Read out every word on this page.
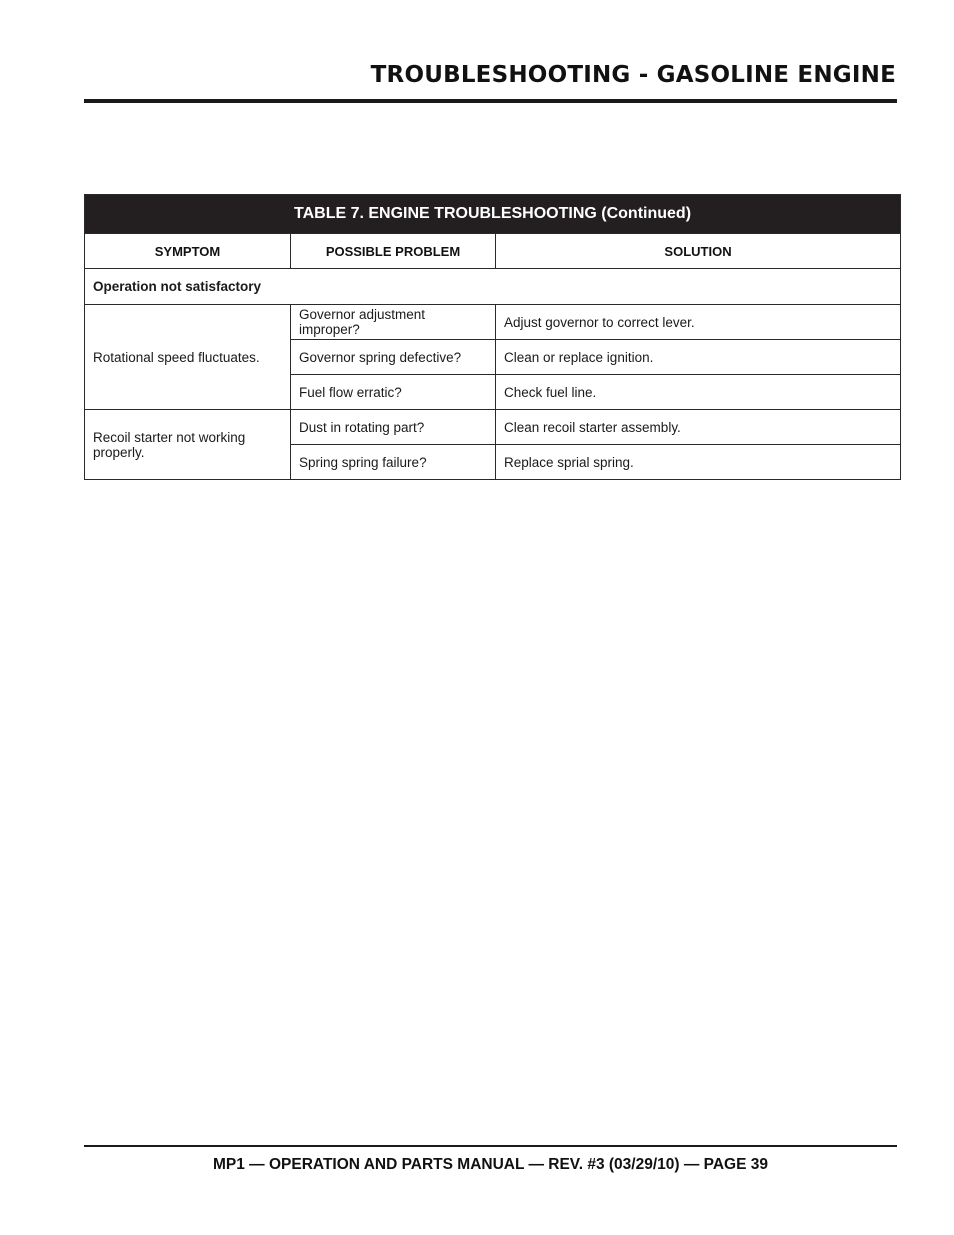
TROUBLESHOOTING - GASOLINE ENGINE
TABLE 7. ENGINE TROUBLESHOOTING (Continued)		
SYMPTOM	POSSIBLE PROBLEM	SOLUTION
Operation not satisfactory		
Rotational speed fluctuates.	Governor adjustment improper?	Adjust governor to correct lever.
	Governor spring defective?	Clean or replace ignition.
	Fuel flow erratic?	Check fuel line.
Recoil starter not working properly.	Dust in rotating part?	Clean recoil starter assembly.
	Spring spring failure?	Replace sprial spring.
MP1 — OPERATION AND PARTS MANUAL — REV. #3 (03/29/10) — PAGE 39
